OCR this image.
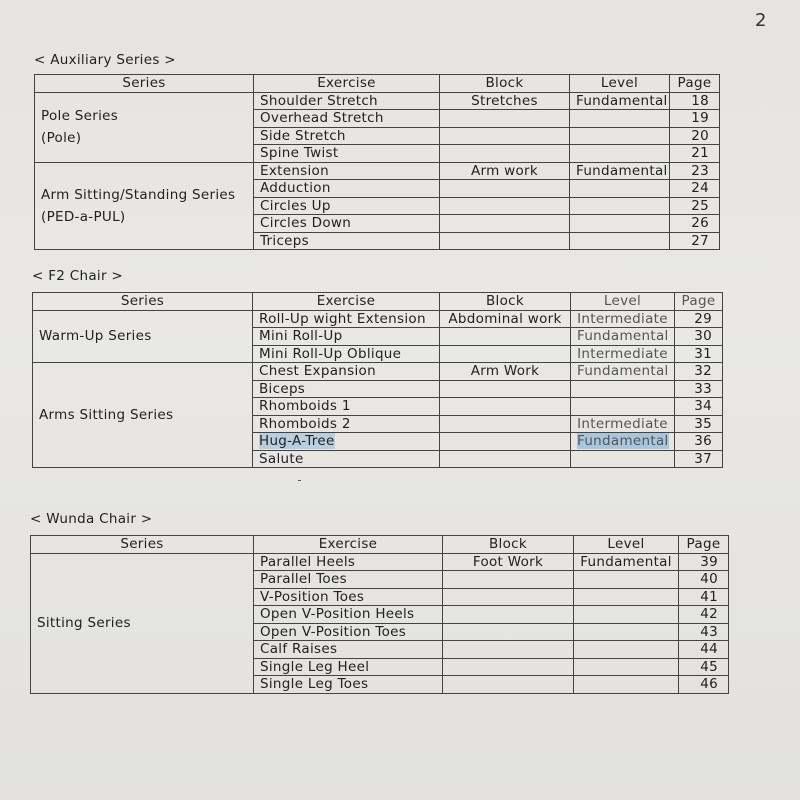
2
< Auxiliary Series >
Series	Exercise	Block	Level	Page

Pole Series
(Pole)	Shoulder Stretch	Stretches	Fundamental	18
	Overhead Stretch			19
	Side Stretch			20
	Spine Twist			21

Arm Sitting/Standing Series
(PED-a-PUL)	Extension	Arm work	Fundamental	23
	Adduction			24
	Circles Up			25
	Circles Down			26
	Triceps			27
< F2 Chair >
Series	Exercise	Block	Level	Page

Warm-Up Series	Roll-Up wight Extension	Abdominal work	Intermediate	29
	Mini Roll-Up		Fundamental	30
	Mini Roll-Up Oblique		Intermediate	31

Arms Sitting Series	Chest Expansion	Arm Work	Fundamental	32
	Biceps			33
	Rhomboids 1			34
	Rhomboids 2		Intermediate	35
	Hug-A-Tree		Fundamental	36
	Salute			37
< Wunda Chair >
Series	Exercise	Block	Level	Page

Sitting Series	Parallel Heels	Foot Work	Fundamental	39
	Parallel Toes			40
	V-Position Toes			41
	Open V-Position Heels			42
	Open V-Position Toes			43
	Calf Raises			44
	Single Leg Heel			45
	Single Leg Toes			46
